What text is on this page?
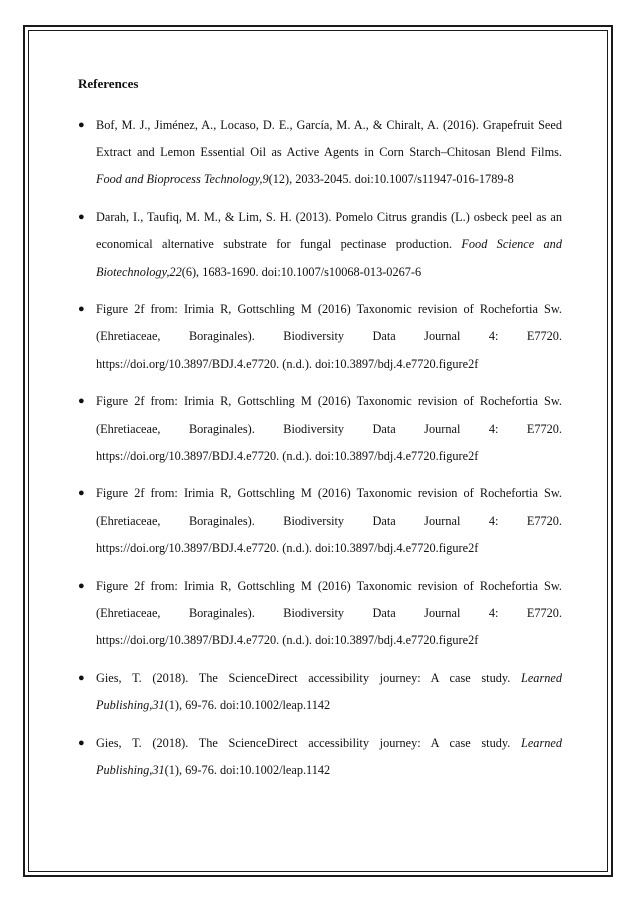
References
● Bof, M. J., Jiménez, A., Locaso, D. E., García, M. A., & Chiralt, A. (2016). Grapefruit Seed Extract and Lemon Essential Oil as Active Agents in Corn Starch–Chitosan Blend Films. Food and Bioprocess Technology,9(12), 2033-2045. doi:10.1007/s11947-016-1789-8
● Darah, I., Taufiq, M. M., & Lim, S. H. (2013). Pomelo Citrus grandis (L.) osbeck peel as an economical alternative substrate for fungal pectinase production. Food Science and Biotechnology,22(6), 1683-1690. doi:10.1007/s10068-013-0267-6
● Figure 2f from: Irimia R, Gottschling M (2016) Taxonomic revision of Rochefortia Sw. (Ehretiaceae, Boraginales). Biodiversity Data Journal 4: E7720. https://doi.org/10.3897/BDJ.4.e7720. (n.d.). doi:10.3897/bdj.4.e7720.figure2f
● Figure 2f from: Irimia R, Gottschling M (2016) Taxonomic revision of Rochefortia Sw. (Ehretiaceae, Boraginales). Biodiversity Data Journal 4: E7720. https://doi.org/10.3897/BDJ.4.e7720. (n.d.). doi:10.3897/bdj.4.e7720.figure2f
● Figure 2f from: Irimia R, Gottschling M (2016) Taxonomic revision of Rochefortia Sw. (Ehretiaceae, Boraginales). Biodiversity Data Journal 4: E7720. https://doi.org/10.3897/BDJ.4.e7720. (n.d.). doi:10.3897/bdj.4.e7720.figure2f
● Figure 2f from: Irimia R, Gottschling M (2016) Taxonomic revision of Rochefortia Sw. (Ehretiaceae, Boraginales). Biodiversity Data Journal 4: E7720. https://doi.org/10.3897/BDJ.4.e7720. (n.d.). doi:10.3897/bdj.4.e7720.figure2f
● Gies, T. (2018). The ScienceDirect accessibility journey: A case study. Learned Publishing,31(1), 69-76. doi:10.1002/leap.1142
● Gies, T. (2018). The ScienceDirect accessibility journey: A case study. Learned Publishing,31(1), 69-76. doi:10.1002/leap.1142
